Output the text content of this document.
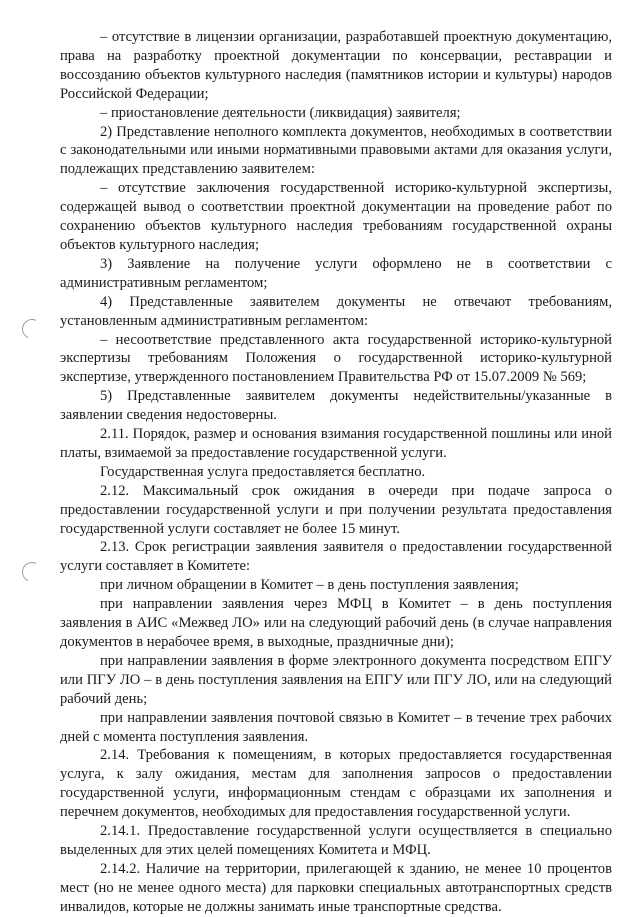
– отсутствие в лицензии организации, разработавшей проектную документацию, права на разработку проектной документации по консервации, реставрации и воссозданию объектов культурного наследия (памятников истории и культуры) народов Российской Федерации;

– приостановление деятельности (ликвидация) заявителя;

2) Представление неполного комплекта документов, необходимых в соответствии с законодательными или иными нормативными правовыми актами для оказания услуги, подлежащих представлению заявителем:

– отсутствие заключения государственной историко-культурной экспертизы, содержащей вывод о соответствии проектной документации на проведение работ по сохранению объектов культурного наследия требованиям государственной охраны объектов культурного наследия;

3) Заявление на получение услуги оформлено не в соответствии с административным регламентом;

4) Представленные заявителем документы не отвечают требованиям, установленным административным регламентом:

– несоответствие представленного акта государственной историко-культурной экспертизы требованиям Положения о государственной историко-культурной экспертизе, утвержденного постановлением Правительства РФ от 15.07.2009 № 569;

5) Представленные заявителем документы недействительны/указанные в заявлении сведения недостоверны.

2.11. Порядок, размер и основания взимания государственной пошлины или иной платы, взимаемой за предоставление государственной услуги.

Государственная услуга предоставляется бесплатно.

2.12. Максимальный срок ожидания в очереди при подаче запроса о предоставлении государственной услуги и при получении результата предоставления государственной услуги составляет не более 15 минут.

2.13. Срок регистрации заявления заявителя о предоставлении государственной услуги составляет в Комитете:

при личном обращении в Комитет – в день поступления заявления;

при направлении заявления через МФЦ в Комитет – в день поступления заявления в АИС «Межвед ЛО» или на следующий рабочий день (в случае направления документов в нерабочее время, в выходные, праздничные дни);

при направлении заявления в форме электронного документа посредством ЕПГУ или ПГУ ЛО – в день поступления заявления на ЕПГУ или ПГУ ЛО, или на следующий рабочий день;

при направлении заявления почтовой связью в Комитет – в течение трех рабочих дней с момента поступления заявления.

2.14. Требования к помещениям, в которых предоставляется государственная услуга, к залу ожидания, местам для заполнения запросов о предоставлении государственной услуги, информационным стендам с образцами их заполнения и перечнем документов, необходимых для предоставления государственной услуги.

2.14.1. Предоставление государственной услуги осуществляется в специально выделенных для этих целей помещениях Комитета и МФЦ.

2.14.2. Наличие на территории, прилегающей к зданию, не менее 10 процентов мест (но не менее одного места) для парковки специальных автотранспортных средств инвалидов, которые не должны занимать иные транспортные средства.
